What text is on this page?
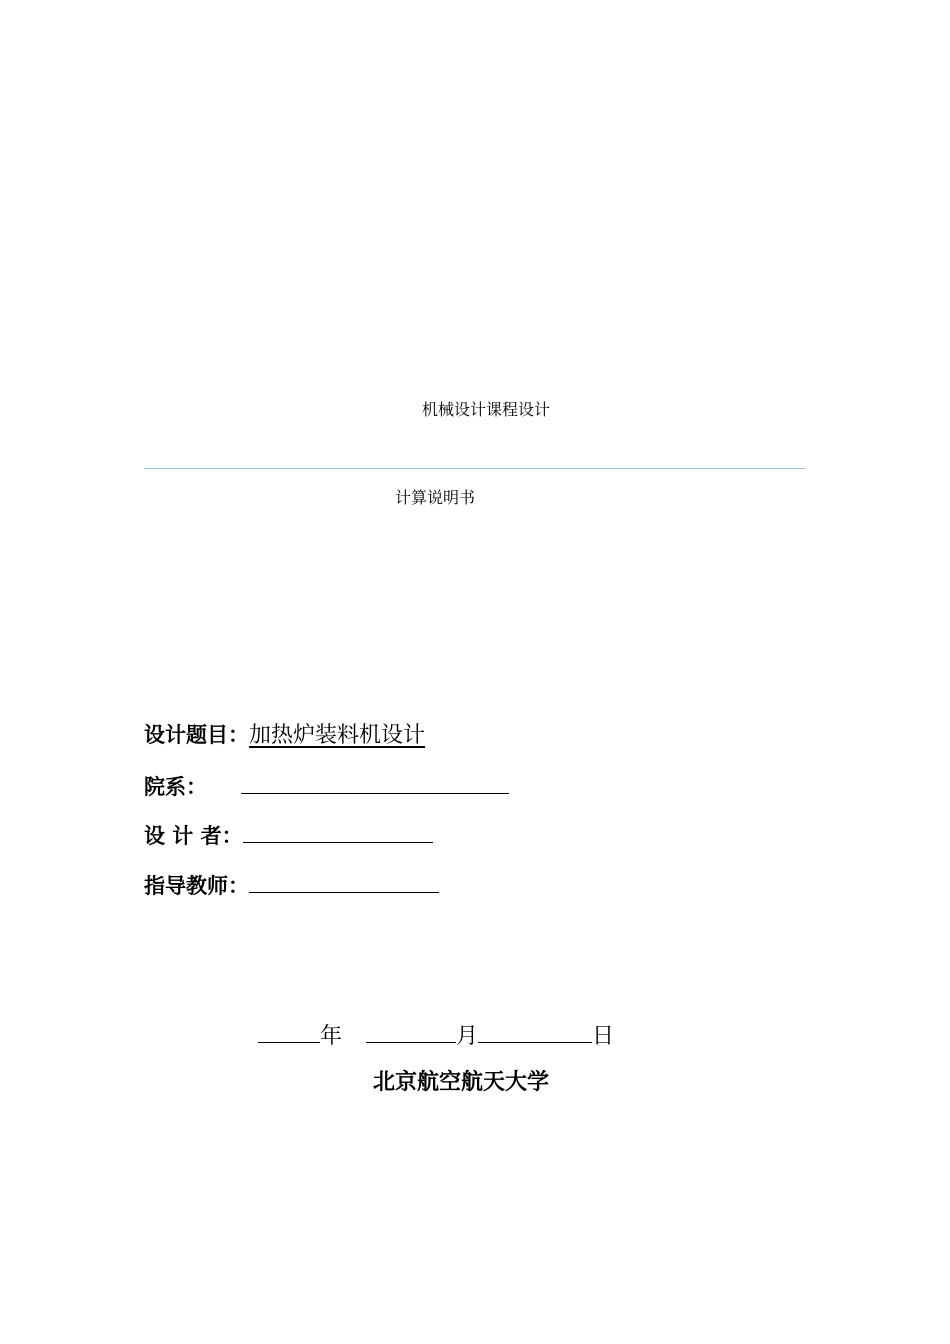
机械设计课程设计
计算说明书
设计题目：加热炉装料机设计
院系：
设 计 者：
指导教师：
年	月	日
北京航空航天大学
